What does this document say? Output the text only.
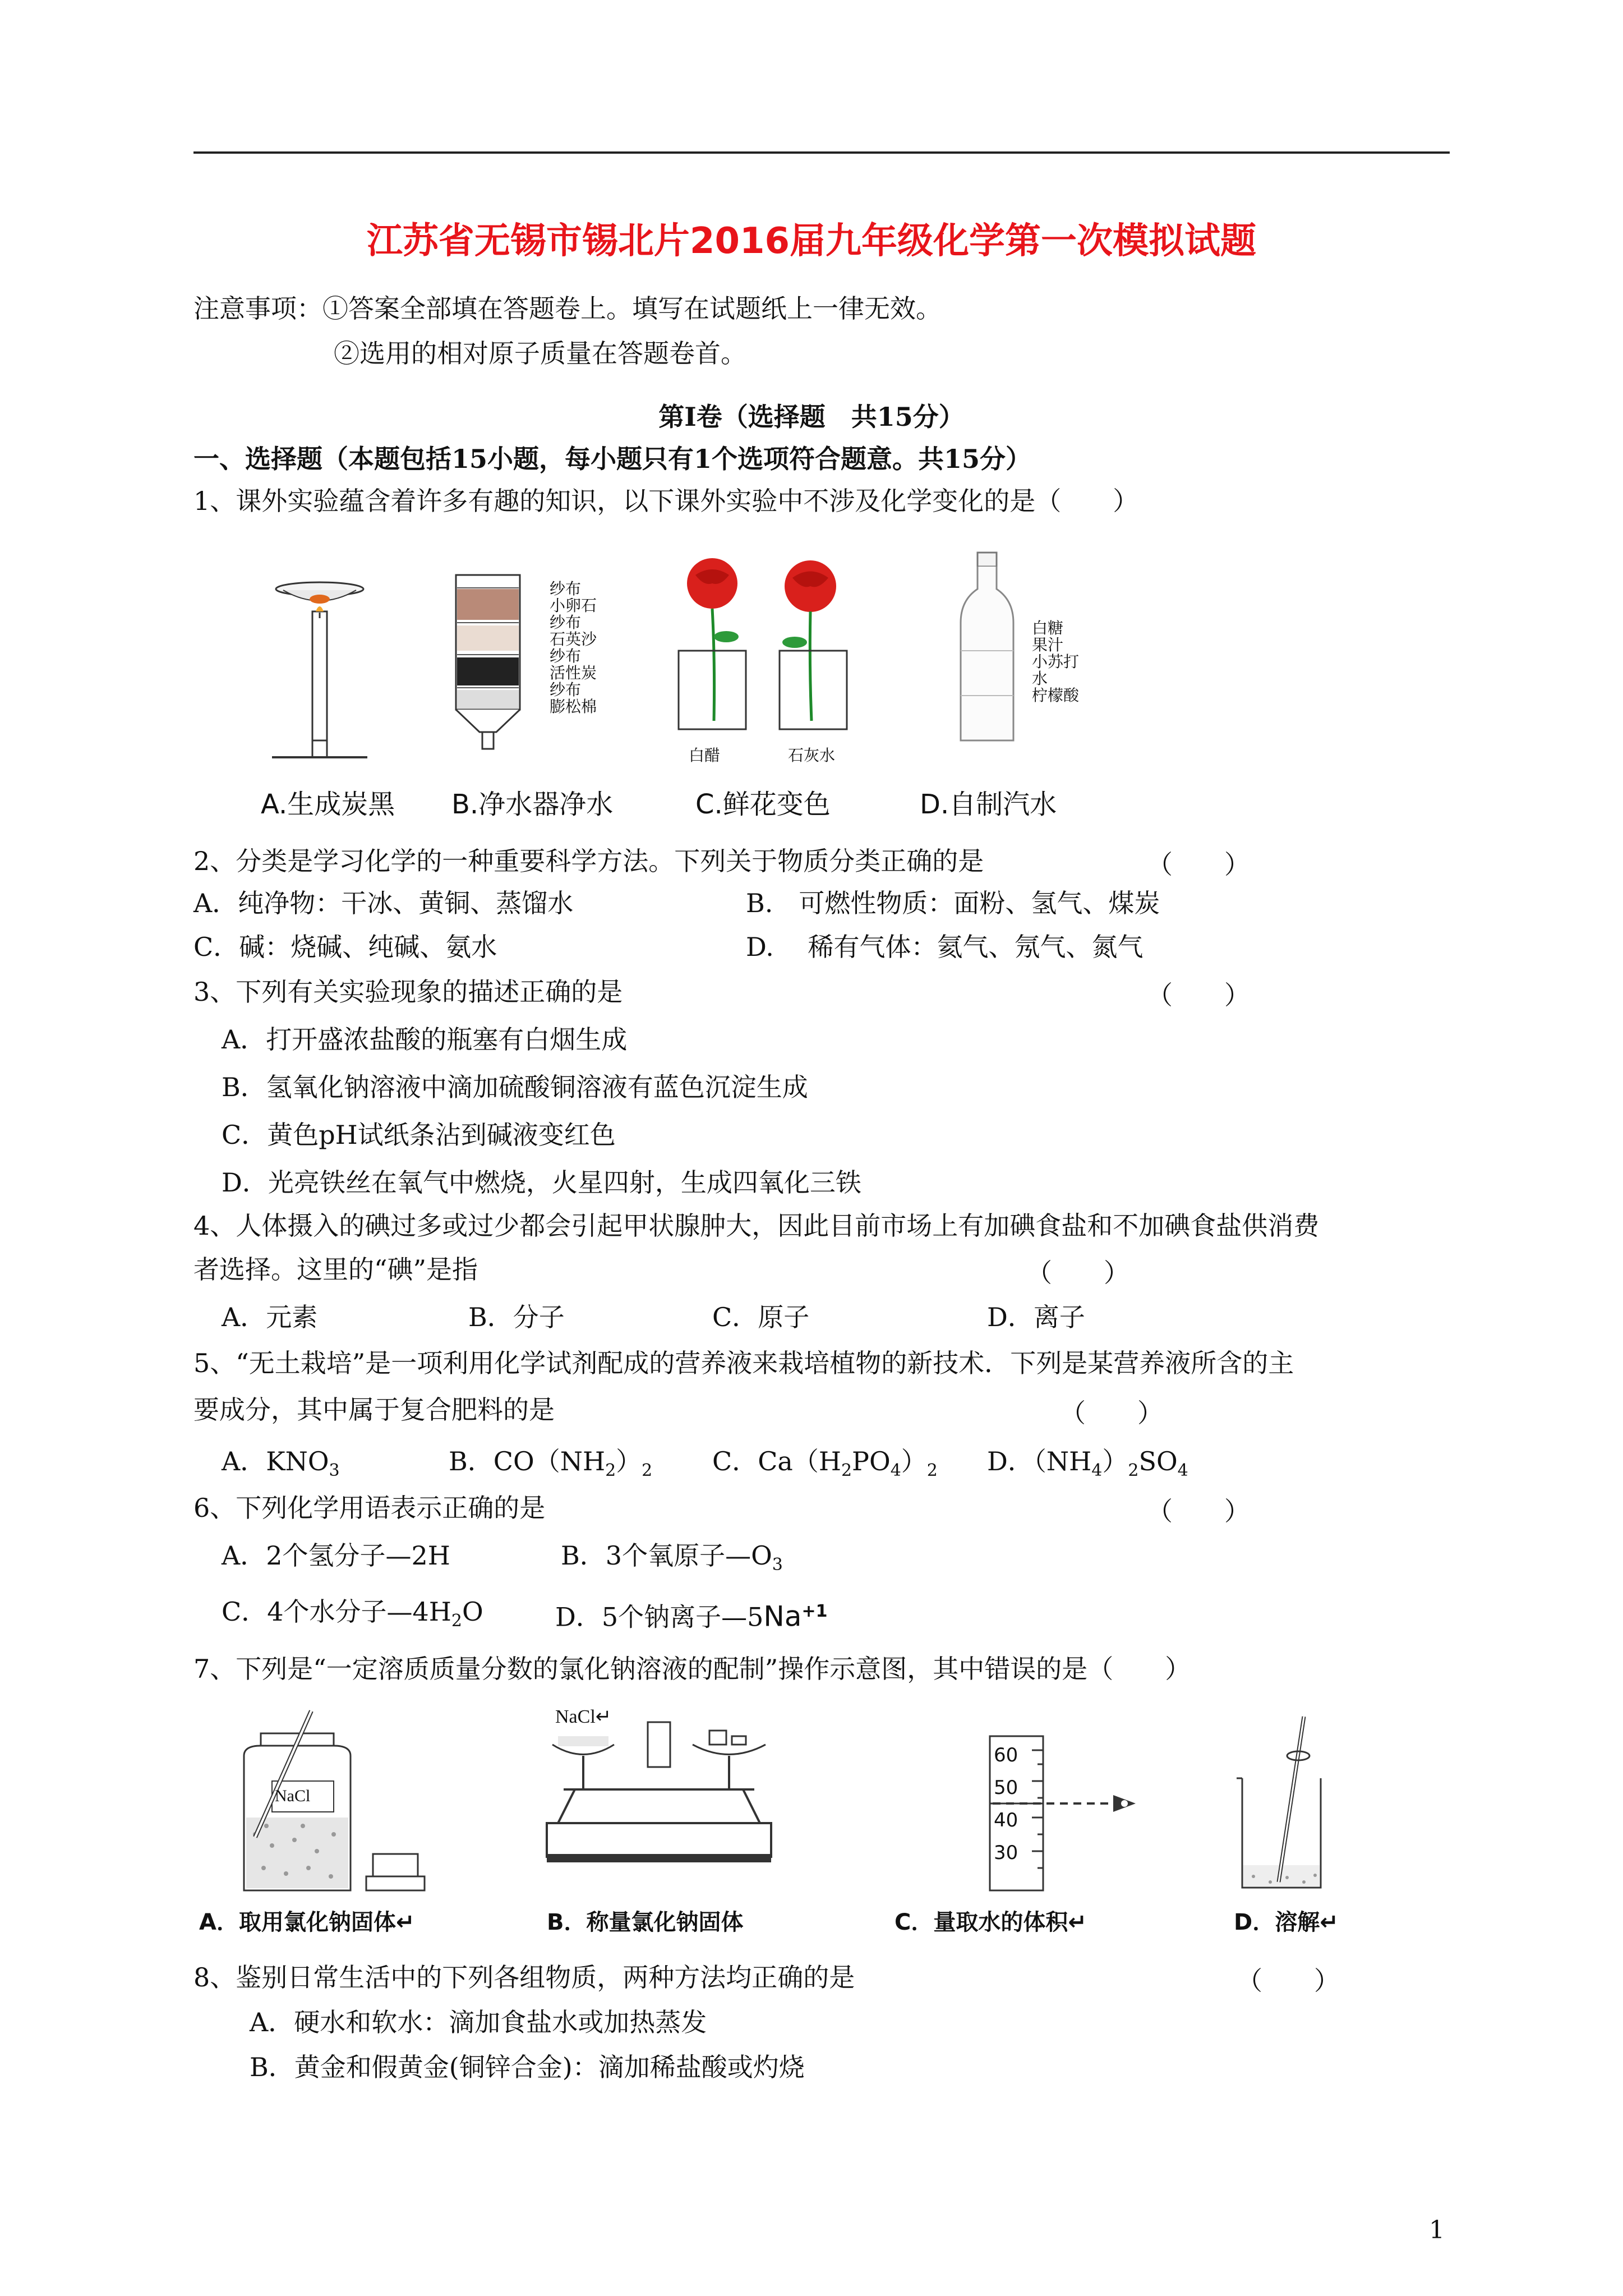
江苏省无锡市锡北片2016届九年级化学第一次模拟试题
注意事项：①答案全部填在答题卷上。填写在试题纸上一律无效。
②选用的相对原子质量在答题卷首。
第Ⅰ卷（选择题　共15分）
一、选择题（本题包括15小题，每小题只有1个选项符合题意。共15分）
1、课外实验蕴含着许多有趣的知识，以下课外实验中不涉及化学变化的是（　　）
纱布
小卵石
纱布
石英沙
纱布
活性炭
纱布
膨松棉
白醋	石灰水
白糖
果汁
小苏打
水
柠檬酸
A.生成炭黑 B.净水器净水	C.鲜花变色	D.自制汽水
2、分类是学习化学的一种重要科学方法。下列关于物质分类正确的是	（　　）
A．纯净物：干冰、黄铜、蒸馏水	B.　可燃性物质：面粉、氢气、煤炭
C．碱：烧碱、纯碱、氨水	D.　 稀有气体：氦气、氖气、氮气
3、下列有关实验现象的描述正确的是	（　　）
A．打开盛浓盐酸的瓶塞有白烟生成
B．氢氧化钠溶液中滴加硫酸铜溶液有蓝色沉淀生成
C．黄色pH试纸条沾到碱液变红色
D．光亮铁丝在氧气中燃烧，火星四射，生成四氧化三铁
4、人体摄入的碘过多或过少都会引起甲状腺肿大，因此目前市场上有加碘食盐和不加碘食盐供消费
者选择。这里的“碘”是指	（　　）
A．元素	B．分子	C．原子	D．离子
5、“无土栽培”是一项利用化学试剂配成的营养液来栽培植物的新技术．下列是某营养液所含的主
要成分，其中属于复合肥料的是	（　　）
A．$KNO_3$	B．$CO(NH_2)_2$ C．$Ca(H_2PO_4)_2$ D．$(NH_4)_2SO_4$
6、下列化学用语表示正确的是	（　　）
A．2个氢分子—2H	B．3个氧原子$—O_3$
C．4个水分子$—4H_2O$	D．5个钠离子$—5Na^{+1}$
7、下列是“一定溶质质量分数的氯化钠溶液的配制”操作示意图，其中错误的是（　　）
NaCl
NaCl↵
60
50
40
30
A．取用氯化钠固体↵	B．称量氯化钠固体	C．量取水的体积↵	D．溶解↵
8、鉴别日常生活中的下列各组物质，两种方法均正确的是	（　　）
A．硬水和软水：滴加食盐水或加热蒸发
B．黄金和假黄金(铜锌合金)：滴加稀盐酸或灼烧
1
